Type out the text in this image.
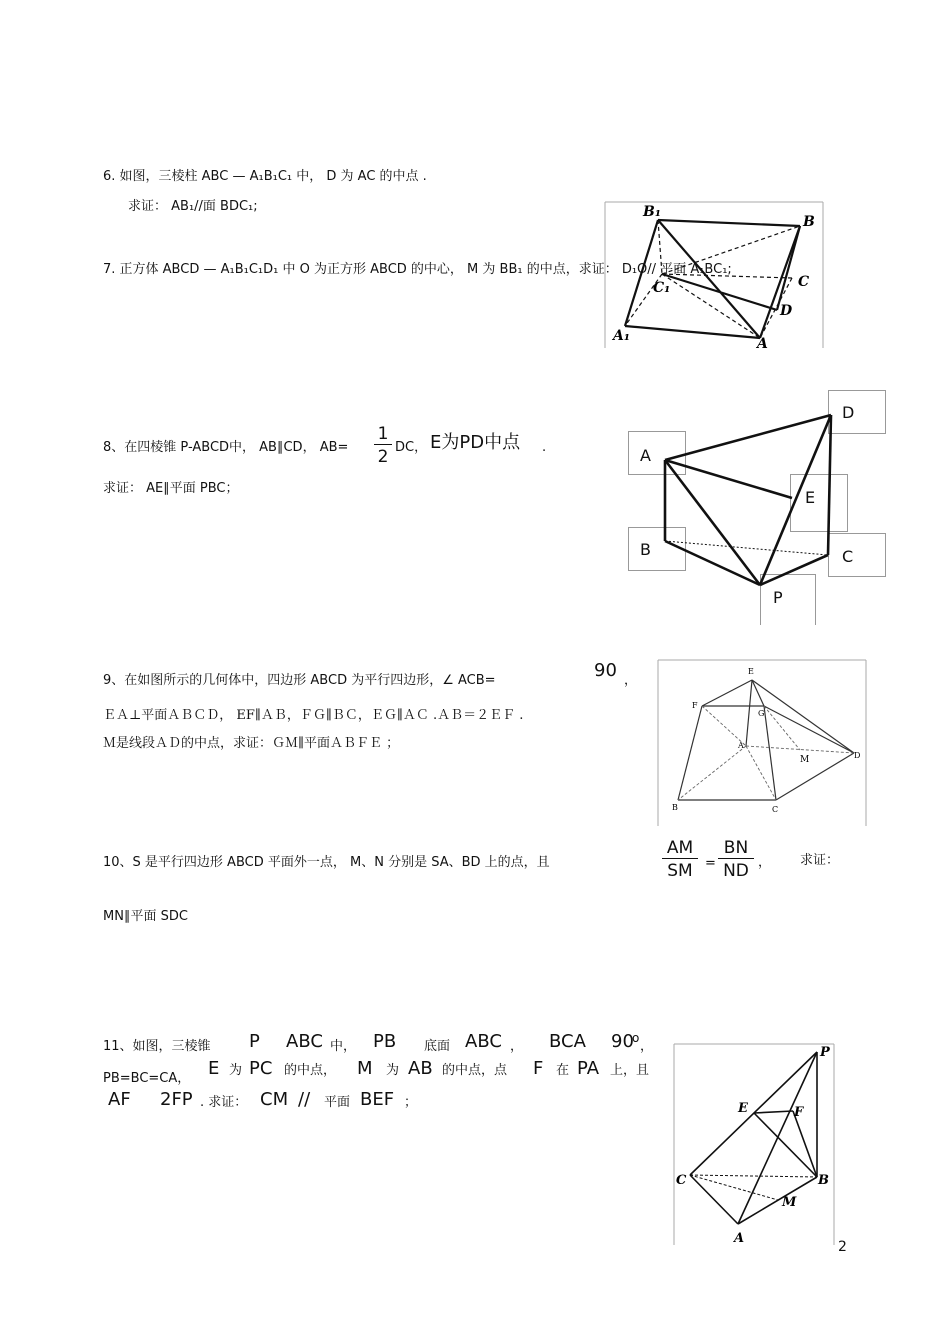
6. 如图，三棱柱 ABC — A₁B₁C₁ 中， D 为 AC 的中点 .
求证： AB₁//面 BDC₁;	B₁
B
C₁	C
D
A₁	A
7. 正方体 ABCD — A₁B₁C₁D₁ 中 O 为正方形 ABCD 的中心， M 为 BB₁ 的中点，求证： D₁O// 平面 A₁BC₁;
8、在四棱锥 P-ABCD中， AB∥CD， $AB= \frac{1}{2}$ DC， E为PD中点 .
求证： AE∥平面 PBC；
D
A
E
B	C
P
9、在如图所示的几何体中，四边形 ABCD 为平行四边形，∠ ACB=	90 ，
ＥＡ⊥平面ＡＢＣＤ， EF∥ＡＢ，ＦＧ∥ＢＣ，ＥＧ∥ＡＣ .ＡＢ＝２ＥＦ .
Ｍ是线段ＡＤ的中点，求证：ＧＭ∥平面ＡＢＦＥ ；
E
F
G
A
M	D
B	C
10、S 是平行四边形 ABCD 平面外一点， M、N 分别是 SA、BD 上的点，且	$\frac{AM}{SM} = \frac{BN}{ND}$ ， 求证：
MN∥平面 SDC
11、如图，三棱锥 P ABC 中， PB 底面 ABC ， BCA 90
o
，
PB=BC=CA， E 为 PC 的中点， M 为 AB 的中点，点 F 在 PA 上，且
AF 2FP . 求证： CM // 平面 BEF ；
P
E	F
C	B
M
A
2
